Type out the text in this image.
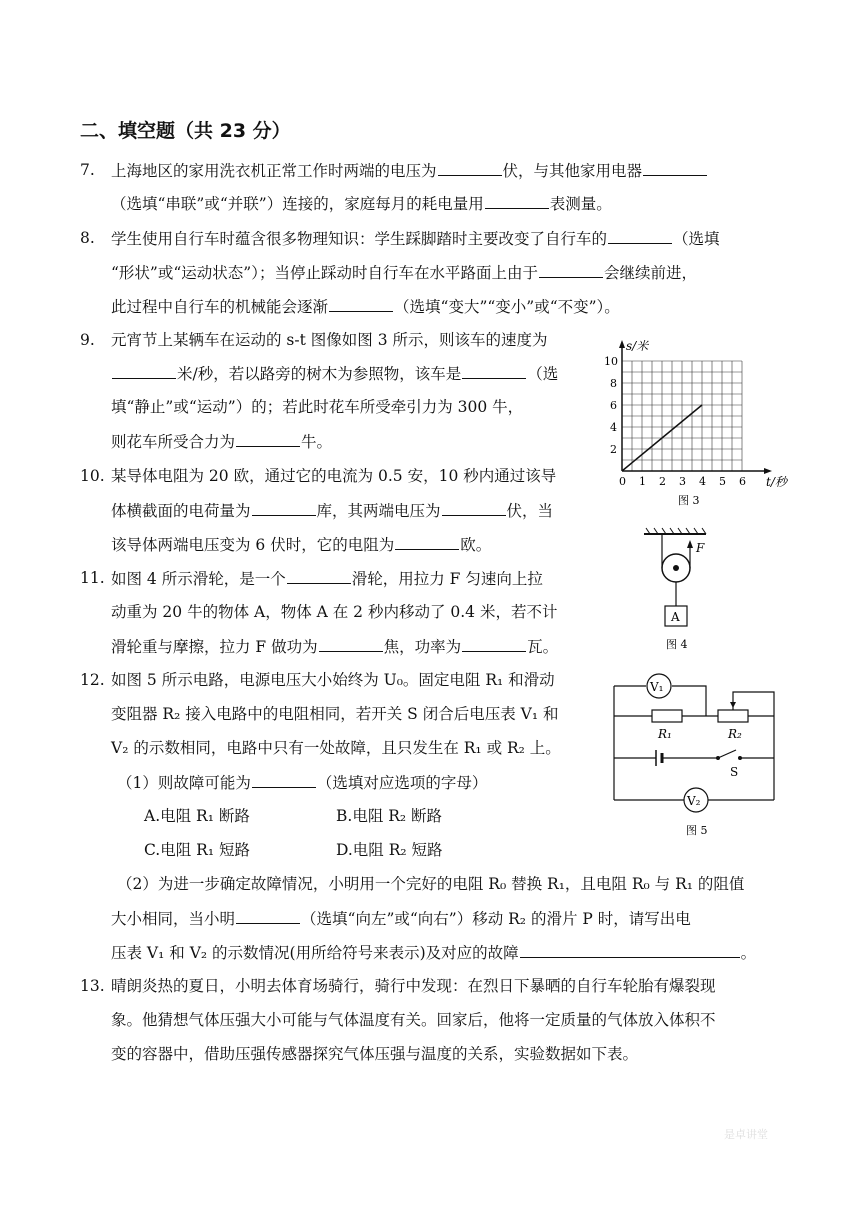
二、填空题（共 23 分）
7. 上海地区的家用洗衣机正常工作时两端的电压为	伏，与其他家用电器
（选填“串联”或“并联”）连接的，家庭每月的耗电量用	表测量。
8. 学生使用自行车时蕴含很多物理知识：学生踩脚踏时主要改变了自行车的	（选填
“形状”或“运动状态”）；当停止踩动时自行车在水平路面上由于	会继续前进，
此过程中自行车的机械能会逐渐	（选填“变大”“变小”或“不变”）。
9. 元宵节上某辆车在运动的 s-t 图像如图 3 所示，则该车的速度为
米/秒，若以路旁的树木为参照物，该车是	（选
填“静止”或“运动”）的；若此时花车所受牵引力为 300 牛，
则花车所受合力为	牛。
10. 某导体电阻为 20 欧，通过它的电流为 0.5 安，10 秒内通过该导
体横截面的电荷量为	库，其两端电压为	伏，当
该导体两端电压变为 6 伏时，它的电阻为	欧。
11. 如图 4 所示滑轮，是一个	滑轮，用拉力 F 匀速向上拉
动重为 20 牛的物体 A，物体 A 在 2 秒内移动了 0.4 米，若不计
滑轮重与摩擦，拉力 F 做功为	焦，功率为	瓦。
12. 如图 5 所示电路，电源电压大小始终为 U₀。固定电阻 R₁ 和滑动
变阻器 R₂ 接入电路中的电阻相同，若开关 S 闭合后电压表 V₁ 和
V₂ 的示数相同，电路中只有一处故障，且只发生在 R₁ 或 R₂ 上。
（1）则故障可能为	（选填对应选项的字母）
A.电阻 R₁ 断路	B.电阻 R₂ 断路
C.电阻 R₁ 短路	D.电阻 R₂ 短路
（2）为进一步确定故障情况，小明用一个完好的电阻 R₀ 替换 R₁，且电阻 R₀ 与 R₁ 的阻值
大小相同，当小明	（选填“向左”或“向右”）移动 R₂ 的滑片 P 时，请写出电
压表 V₁ 和 V₂ 的示数情况(用所给符号来表示)及对应的故障	。
13. 晴朗炎热的夏日，小明去体育场骑行，骑行中发现：在烈日下暴晒的自行车轮胎有爆裂现
象。他猜想气体压强大小可能与气体温度有关。回家后，他将一定质量的气体放入体积不
变的容器中，借助压强传感器探究气体压强与温度的关系，实验数据如下表。
s/米
t/秒
0 1 2 3 4 5 6
2
4
6
8
10
图 3
F
A
图 4
V₁
V₂
R₁	R₂
S
图 5
是卓讲堂
